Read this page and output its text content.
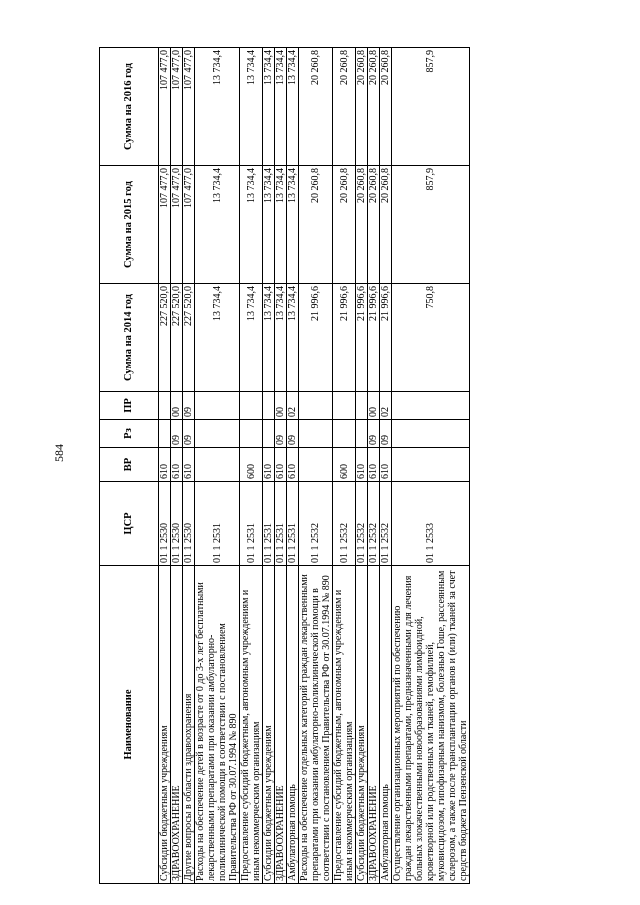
584
Наименование	ЦСР	ВР	Рз	ПР	Сумма на 2014 год	Сумма на 2015 год	Сумма на 2016 год
Субсидии бюджетным учреждениям	01 1 2530	610			227 520,0	107 477,0	107 477,0
ЗДРАВООХРАНЕНИЕ	01 1 2530	610	09	00	227 520,0	107 477,0	107 477,0
Другие вопросы в области здравоохранения	01 1 2530	610	09	09	227 520,0	107 477,0	107 477,0
Расходы на обеспечение детей в возрасте от 0 до 3-х лет бесплатными лекарственными препаратами при оказании амбулаторно-поликлинической помощи в соответствии с постановлением Правительства РФ от 30.07.1994 № 890	01 1 2531				13 734,4	13 734,4	13 734,4
Предоставление субсидий бюджетным, автономным учреждениям и иным некоммерческим организациям	01 1 2531	600			13 734,4	13 734,4	13 734,4
Субсидии бюджетным учреждениям	01 1 2531	610			13 734,4	13 734,4	13 734,4
ЗДРАВООХРАНЕНИЕ	01 1 2531	610	09	00	13 734,4	13 734,4	13 734,4
Амбулаторная помощь	01 1 2531	610	09	02	13 734,4	13 734,4	13 734,4
Расходы на обеспечение отдельных категорий граждан лекарственными препаратами при оказании амбулаторно-поликлинической помощи в соответствии с постановлением Правительства РФ от 30.07.1994 № 890	01 1 2532				21 996,6	20 260,8	20 260,8
Предоставление субсидий бюджетным, автономным учреждениям и иным некоммерческим организациям	01 1 2532	600			21 996,6	20 260,8	20 260,8
Субсидии бюджетным учреждениям	01 1 2532	610			21 996,6	20 260,8	20 260,8
ЗДРАВООХРАНЕНИЕ	01 1 2532	610	09	00	21 996,6	20 260,8	20 260,8
Амбулаторная помощь	01 1 2532	610	09	02	21 996,6	20 260,8	20 260,8
Осуществление организационных мероприятий по обеспечению граждан лекарственными препаратами, предназначенными для лечения больных злокачественными новообразованиями лимфоидной, кроветворной или родственных им тканей, гемофилией, муковисцидозом, гипофизарным нанизмом, болезнью Гоше, рассеянным склерозом, а также после трансплантации органов и (или) тканей за счет средств бюджета Пензенской области	01 1 2533				750,8	857,9	857,9
